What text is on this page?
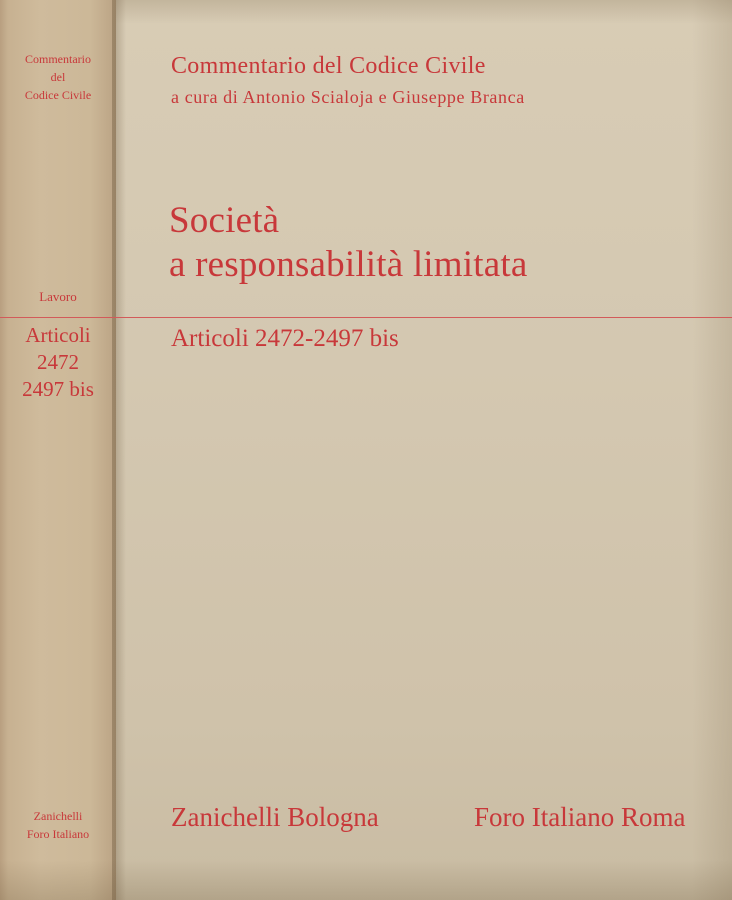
Commentario
del
Codice Civile
Lavoro
Articoli
2472
2497 bis
Zanichelli
Foro Italiano
Commentario del Codice Civile
a cura di Antonio Scialoja e Giuseppe Branca
Società
a responsabilità limitata
Articoli 2472-2497 bis
Zanichelli Bologna	Foro Italiano Roma
